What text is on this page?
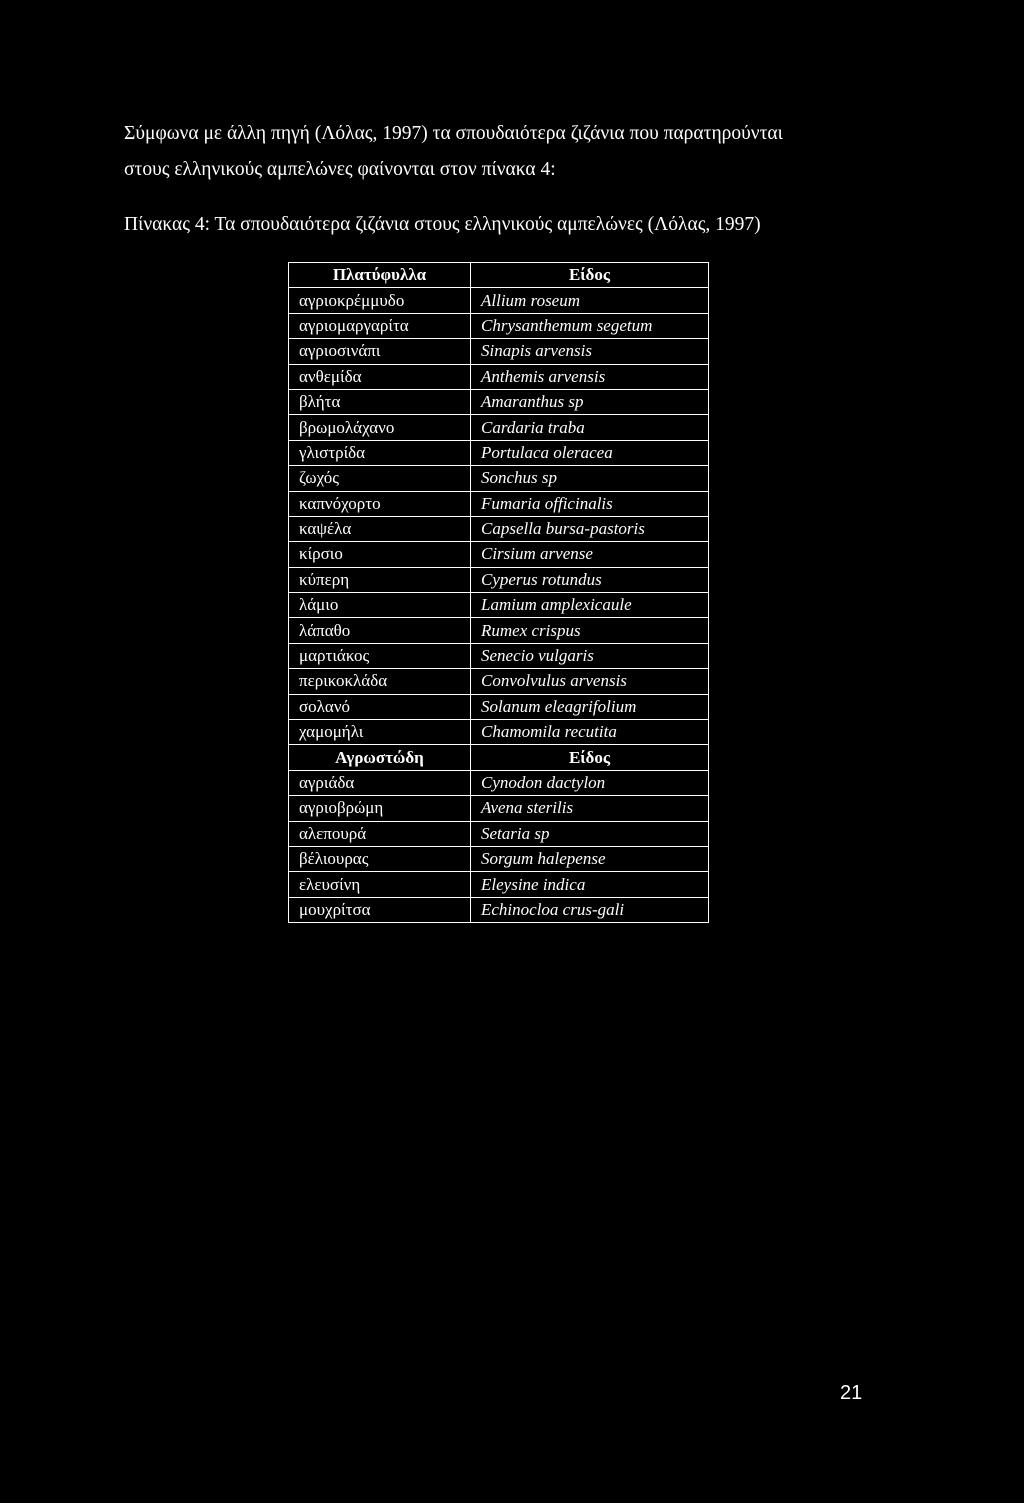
Σύμφωνα με άλλη πηγή (Λόλας, 1997) τα σπουδαιότερα ζιζάνια που παρατηρούνται
στους ελληνικούς αμπελώνες φαίνονται στον πίνακα 4:
Πίνακας 4: Τα σπουδαιότερα ζιζάνια στους ελληνικούς αμπελώνες (Λόλας, 1997)
Πλατύφυλλα	Είδος
αγριοκρέμμυδο	Allium roseum
αγριομαργαρίτα	Chrysanthemum segetum
αγριοσινάπι	Sinapis arvensis
ανθεμίδα	Anthemis arvensis
βλήτα	Amaranthus sp
βρωμολάχανο	Cardaria traba
γλιστρίδα	Portulaca oleracea
ζωχός	Sonchus sp
καπνόχορτο	Fumaria officinalis
καψέλα	Capsella bursa-pastoris
κίρσιο	Cirsium arvense
κύπερη	Cyperus rotundus
λάμιο	Lamium amplexicaule
λάπαθο	Rumex crispus
μαρτιάκος	Senecio vulgaris
περικοκλάδα	Convolvulus arvensis
σολανό	Solanum eleagrifolium
χαμομήλι	Chamomila recutita
Αγρωστώδη	Είδος
αγριάδα	Cynodon dactylon
αγριοβρώμη	Avena sterilis
αλεπουρά	Setaria sp
βέλιουρας	Sorgum halepense
ελευσίνη	Eleysine indica
μουχρίτσα	Echinocloa crus-gali
21
